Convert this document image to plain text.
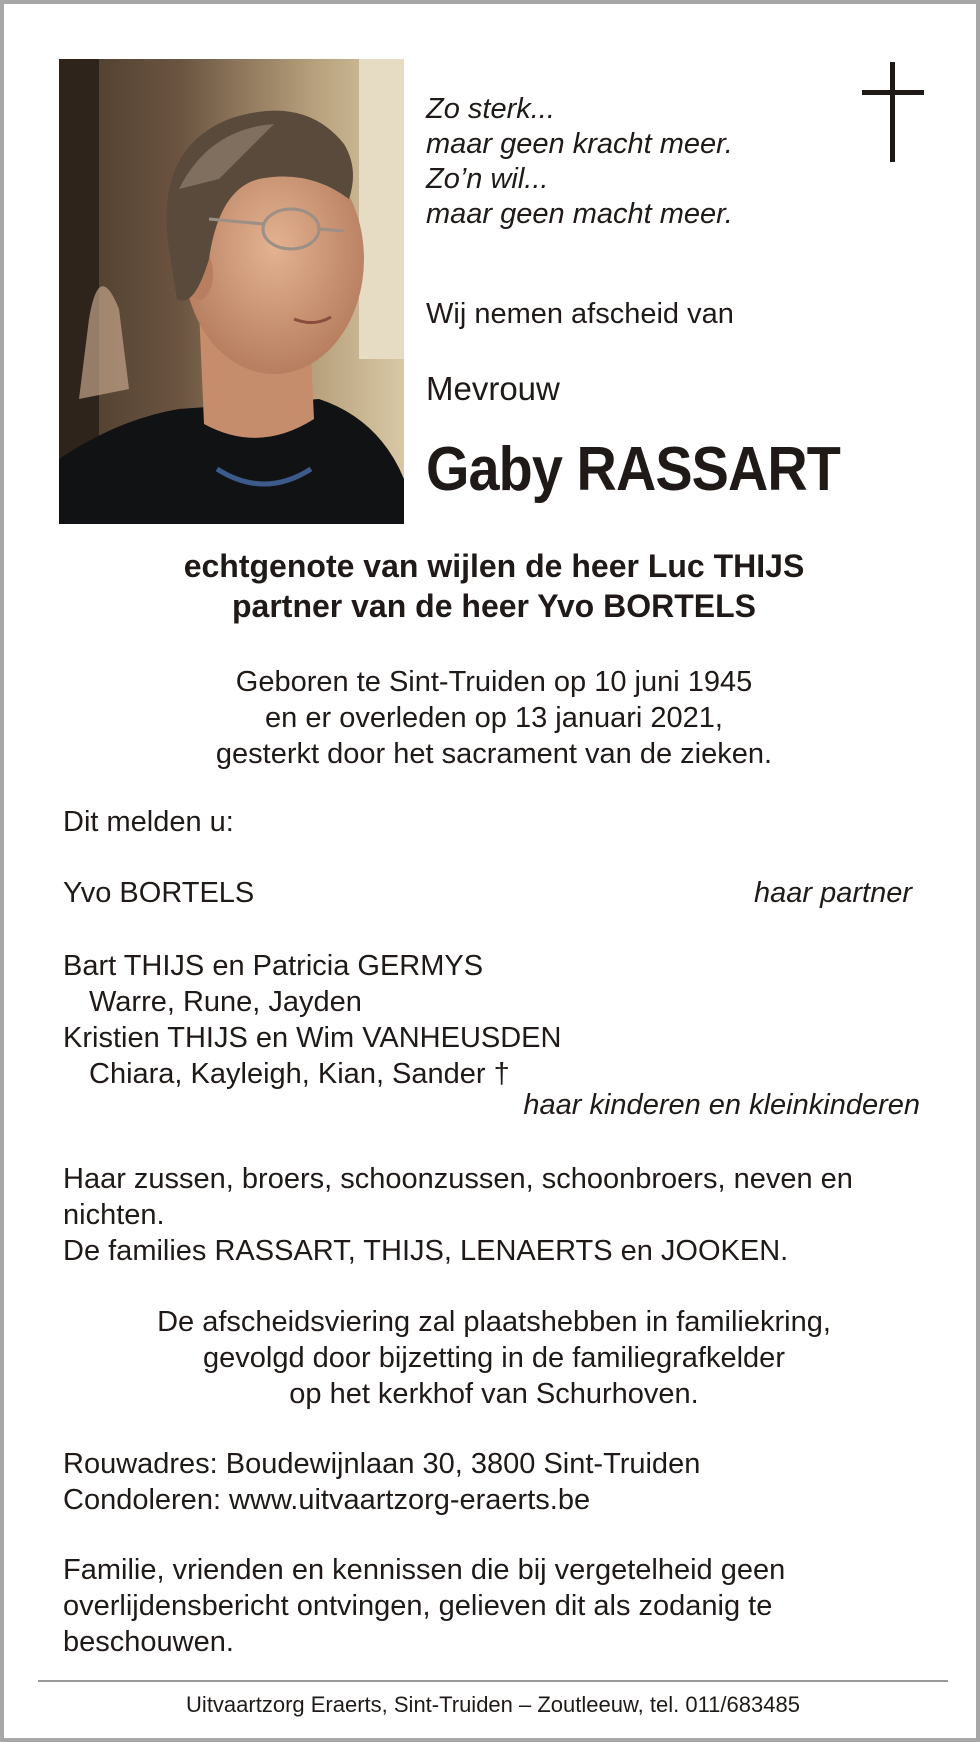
Zo sterk...
maar geen kracht meer.
Zo’n wil...
maar geen macht meer.
Wij nemen afscheid van
Mevrouw
Gaby RASSART
echtgenote van wijlen de heer Luc THIJS
partner van de heer Yvo BORTELS
Geboren te Sint-Truiden op 10 juni 1945
en er overleden op 13 januari 2021,
gesterkt door het sacrament van de zieken.
Dit melden u:
Yvo BORTELS	haar partner
Bart THIJS en Patricia GERMYS
Warre, Rune, Jayden
Kristien THIJS en Wim VANHEUSDEN
Chiara, Kayleigh, Kian, Sander †
haar kinderen en kleinkinderen
Haar zussen, broers, schoonzussen, schoonbroers, neven en nichten.
De families RASSART, THIJS, LENAERTS en JOOKEN.
De afscheidsviering zal plaatshebben in familiekring,
gevolgd door bijzetting in de familiegrafkelder
op het kerkhof van Schurhoven.
Rouwadres: Boudewijnlaan 30, 3800 Sint-Truiden
Condoleren: www.uitvaartzorg-eraerts.be
Familie, vrienden en kennissen die bij vergetelheid geen overlijdensbericht ontvingen, gelieven dit als zodanig te beschouwen.
Uitvaartzorg Eraerts, Sint-Truiden – Zoutleeuw, tel. 011/683485
